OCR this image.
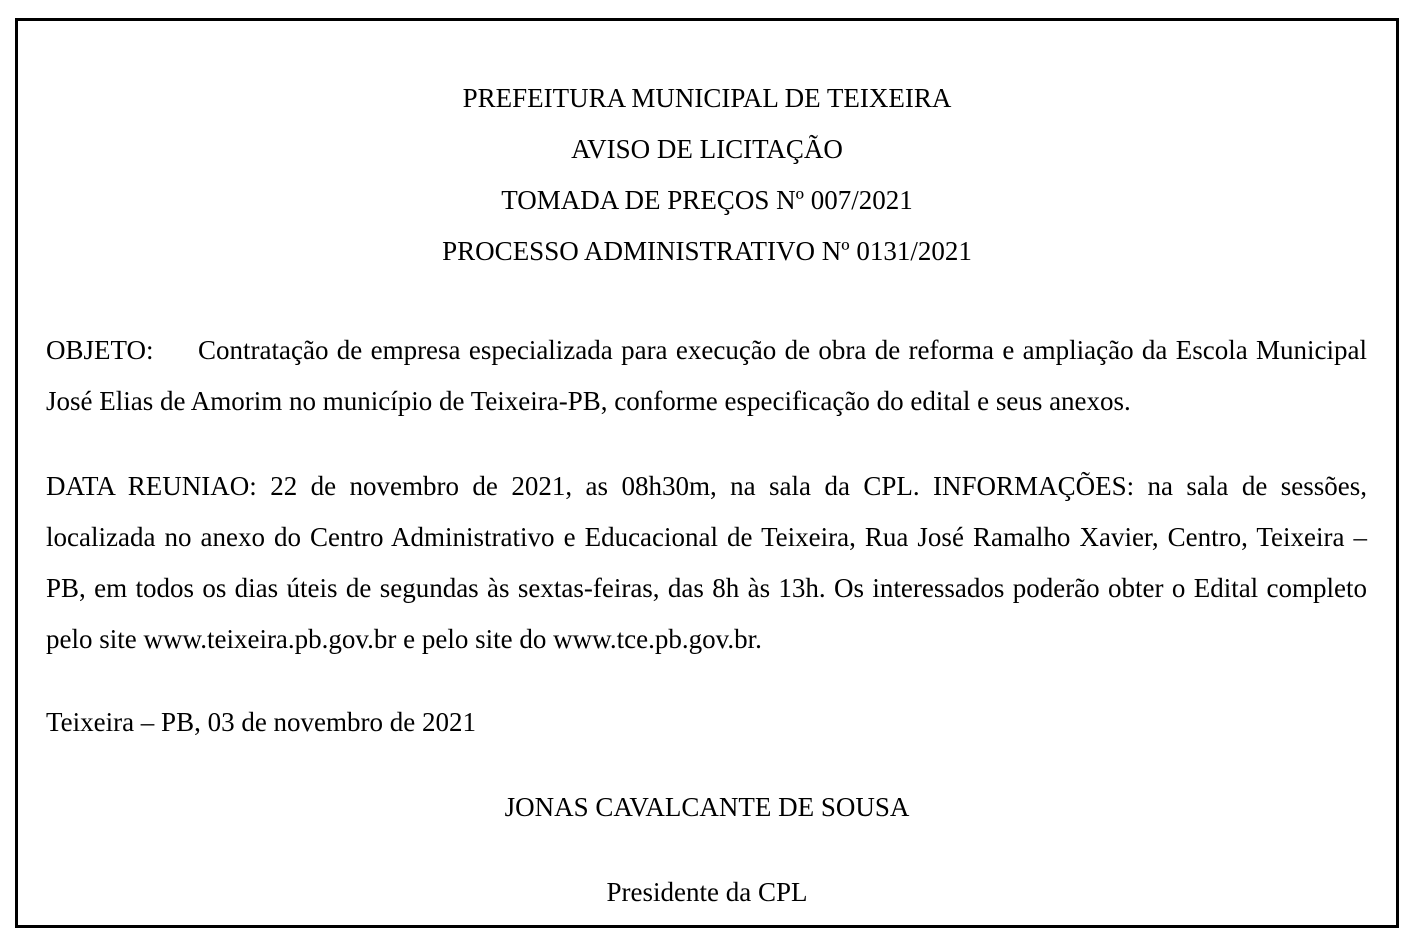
PREFEITURA MUNICIPAL DE TEIXEIRA
AVISO DE LICITAÇÃO
TOMADA DE PREÇOS Nº 007/2021
PROCESSO ADMINISTRATIVO Nº 0131/2021
OBJETO: Contratação de empresa especializada para execução de obra de reforma e ampliação da Escola Municipal José Elias de Amorim no município de Teixeira-PB, conforme especificação do edital e seus anexos.
DATA REUNIAO: 22 de novembro de 2021, as 08h30m, na sala da CPL. INFORMAÇÕES: na sala de sessões, localizada no anexo do Centro Administrativo e Educacional de Teixeira, Rua José Ramalho Xavier, Centro, Teixeira – PB, em todos os dias úteis de segundas às sextas-feiras, das 8h às 13h. Os interessados poderão obter o Edital completo pelo site www.teixeira.pb.gov.br e pelo site do www.tce.pb.gov.br.
Teixeira – PB, 03 de novembro de 2021
JONAS CAVALCANTE DE SOUSA
Presidente da CPL
